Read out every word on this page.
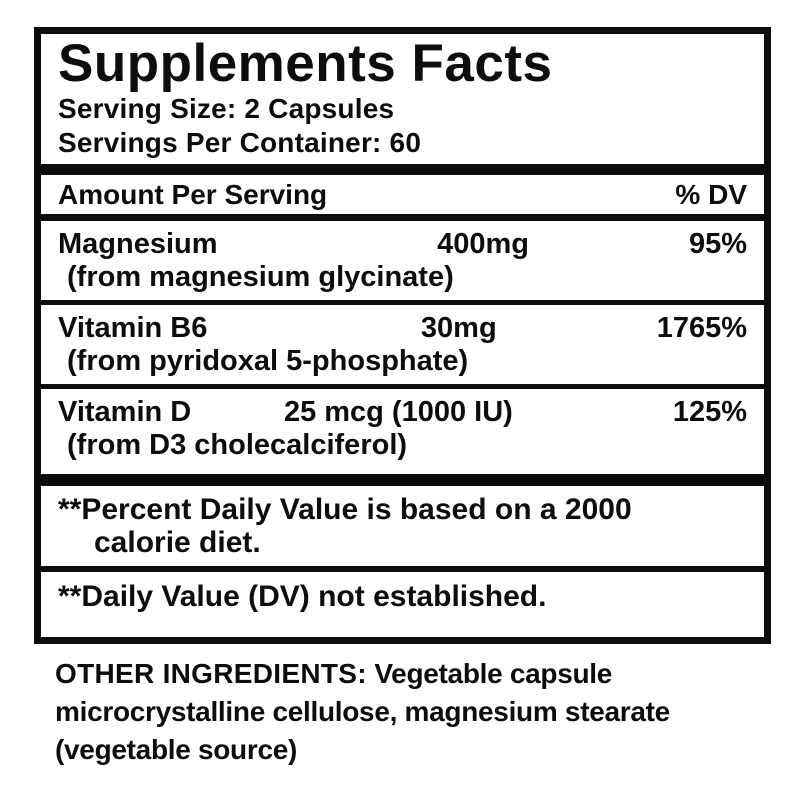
Supplements Facts
Serving Size: 2 Capsules
Servings Per Container: 60
Amount Per Serving	% DV
Magnesium	400mg	95%
(from magnesium glycinate)
Vitamin B6	30mg	1765%
(from pyridoxal 5-phosphate)
Vitamin D	25 mcg (1000 IU)	125%
(from D3 cholecalciferol)
**Percent Daily Value is based on a 2000 calorie diet.
**Daily Value (DV) not established.

OTHER INGREDIENTS: Vegetable capsule microcrystalline cellulose, magnesium stearate (vegetable source)
